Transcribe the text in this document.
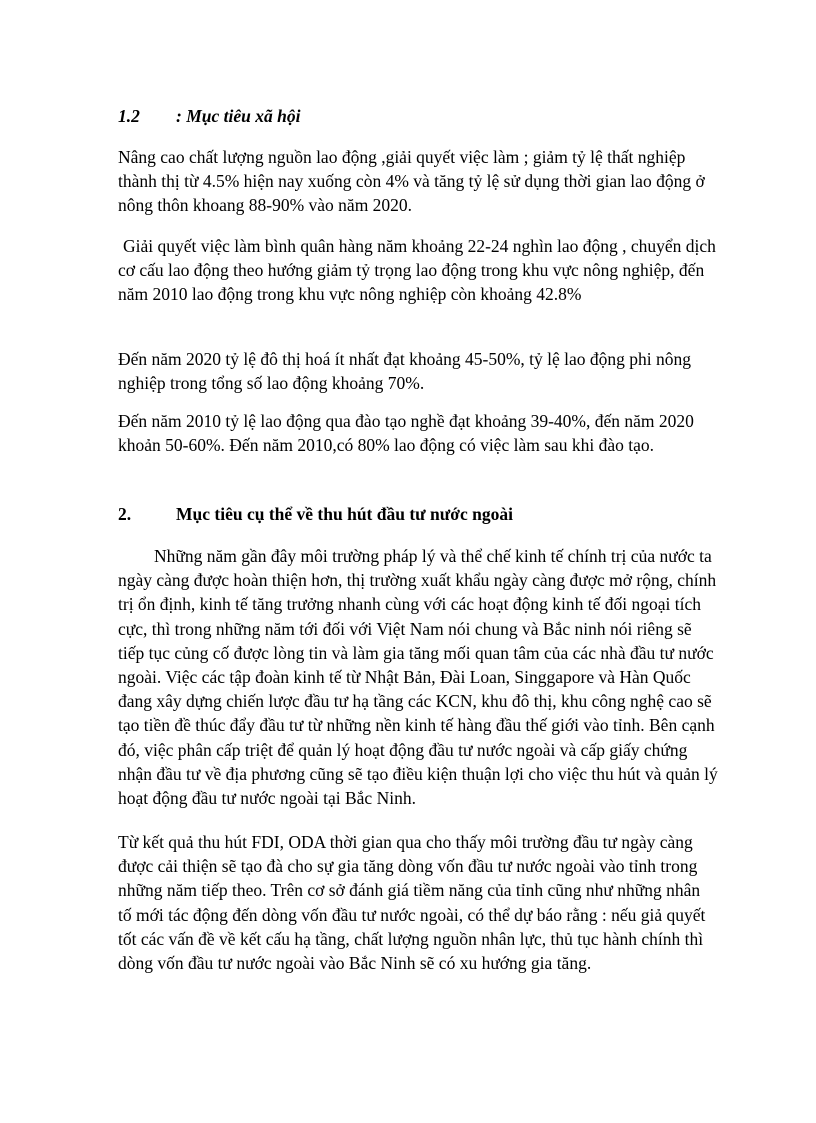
1.2 : Mục tiêu xã hội

Nâng cao chất lượng nguồn lao động ,giải quyết việc làm ; giảm tỷ lệ thất nghiệp thành thị từ 4.5% hiện nay xuống còn 4% và tăng tỷ lệ sử dụng thời gian lao động ở nông thôn khoang 88-90% vào năm 2020.

Giải quyết việc làm bình quân hàng năm khoảng 22-24 nghìn lao động , chuyển dịch cơ cấu lao động theo hướng giảm tỷ trọng lao động trong khu vực nông nghiệp, đến năm 2010 lao động trong khu vực nông nghiệp còn khoảng 42.8%

Đến năm 2020 tỷ lệ đô thị hoá ít nhất đạt khoảng 45-50%, tỷ lệ lao động phi nông nghiệp trong tổng số lao động khoảng 70%.

Đến năm 2010 tỷ lệ lao động qua đào tạo nghề đạt khoảng 39-40%, đến năm 2020 khoản 50-60%. Đến năm 2010,có 80% lao động có việc làm sau khi đào tạo.

2.	Mục tiêu cụ thể về thu hút đầu tư nước ngoài

Những năm gần đây môi trường pháp lý và thể chế kinh tế chính trị của nước ta ngày càng được hoàn thiện hơn, thị trường xuất khẩu ngày càng được mở rộng, chính trị ổn định, kinh tế tăng trưởng nhanh cùng với các hoạt động kinh tế đối ngoại tích cực, thì trong những năm tới đối với Việt Nam nói chung và Bắc ninh nói riêng sẽ tiếp tục củng cố được lòng tin và làm gia tăng mối quan tâm của các nhà đầu tư nước ngoài. Việc các tập đoàn kinh tế từ Nhật Bản, Đài Loan, Singgapore và Hàn Quốc đang xây dựng chiến lược đầu tư hạ tầng các KCN, khu đô thị, khu công nghệ cao sẽ tạo tiền đề thúc đẩy đầu tư từ những nền kinh tế hàng đầu thế giới vào tỉnh. Bên cạnh đó, việc phân cấp triệt để quản lý hoạt động đầu tư nước ngoài và cấp giấy chứng nhận đầu tư về địa phương cũng sẽ tạo điều kiện thuận lợi cho việc thu hút và quản lý hoạt động đầu tư nước ngoài tại Bắc Ninh.

Từ kết quả thu hút FDI, ODA thời gian qua cho thấy môi trường đầu tư ngày càng được cải thiện sẽ tạo đà cho sự gia tăng dòng vốn đầu tư nước ngoài vào tỉnh trong những năm tiếp theo. Trên cơ sở đánh giá tiềm năng của tỉnh cũng như những nhân tố mới tác động đến dòng vốn đầu tư nước ngoài, có thể dự báo rằng : nếu giả quyết tốt các vấn đề về kết cấu hạ tầng, chất lượng nguồn nhân lực, thủ tục hành chính thì dòng vốn đầu tư nước ngoài vào Bắc Ninh sẽ có xu hướng gia tăng.
